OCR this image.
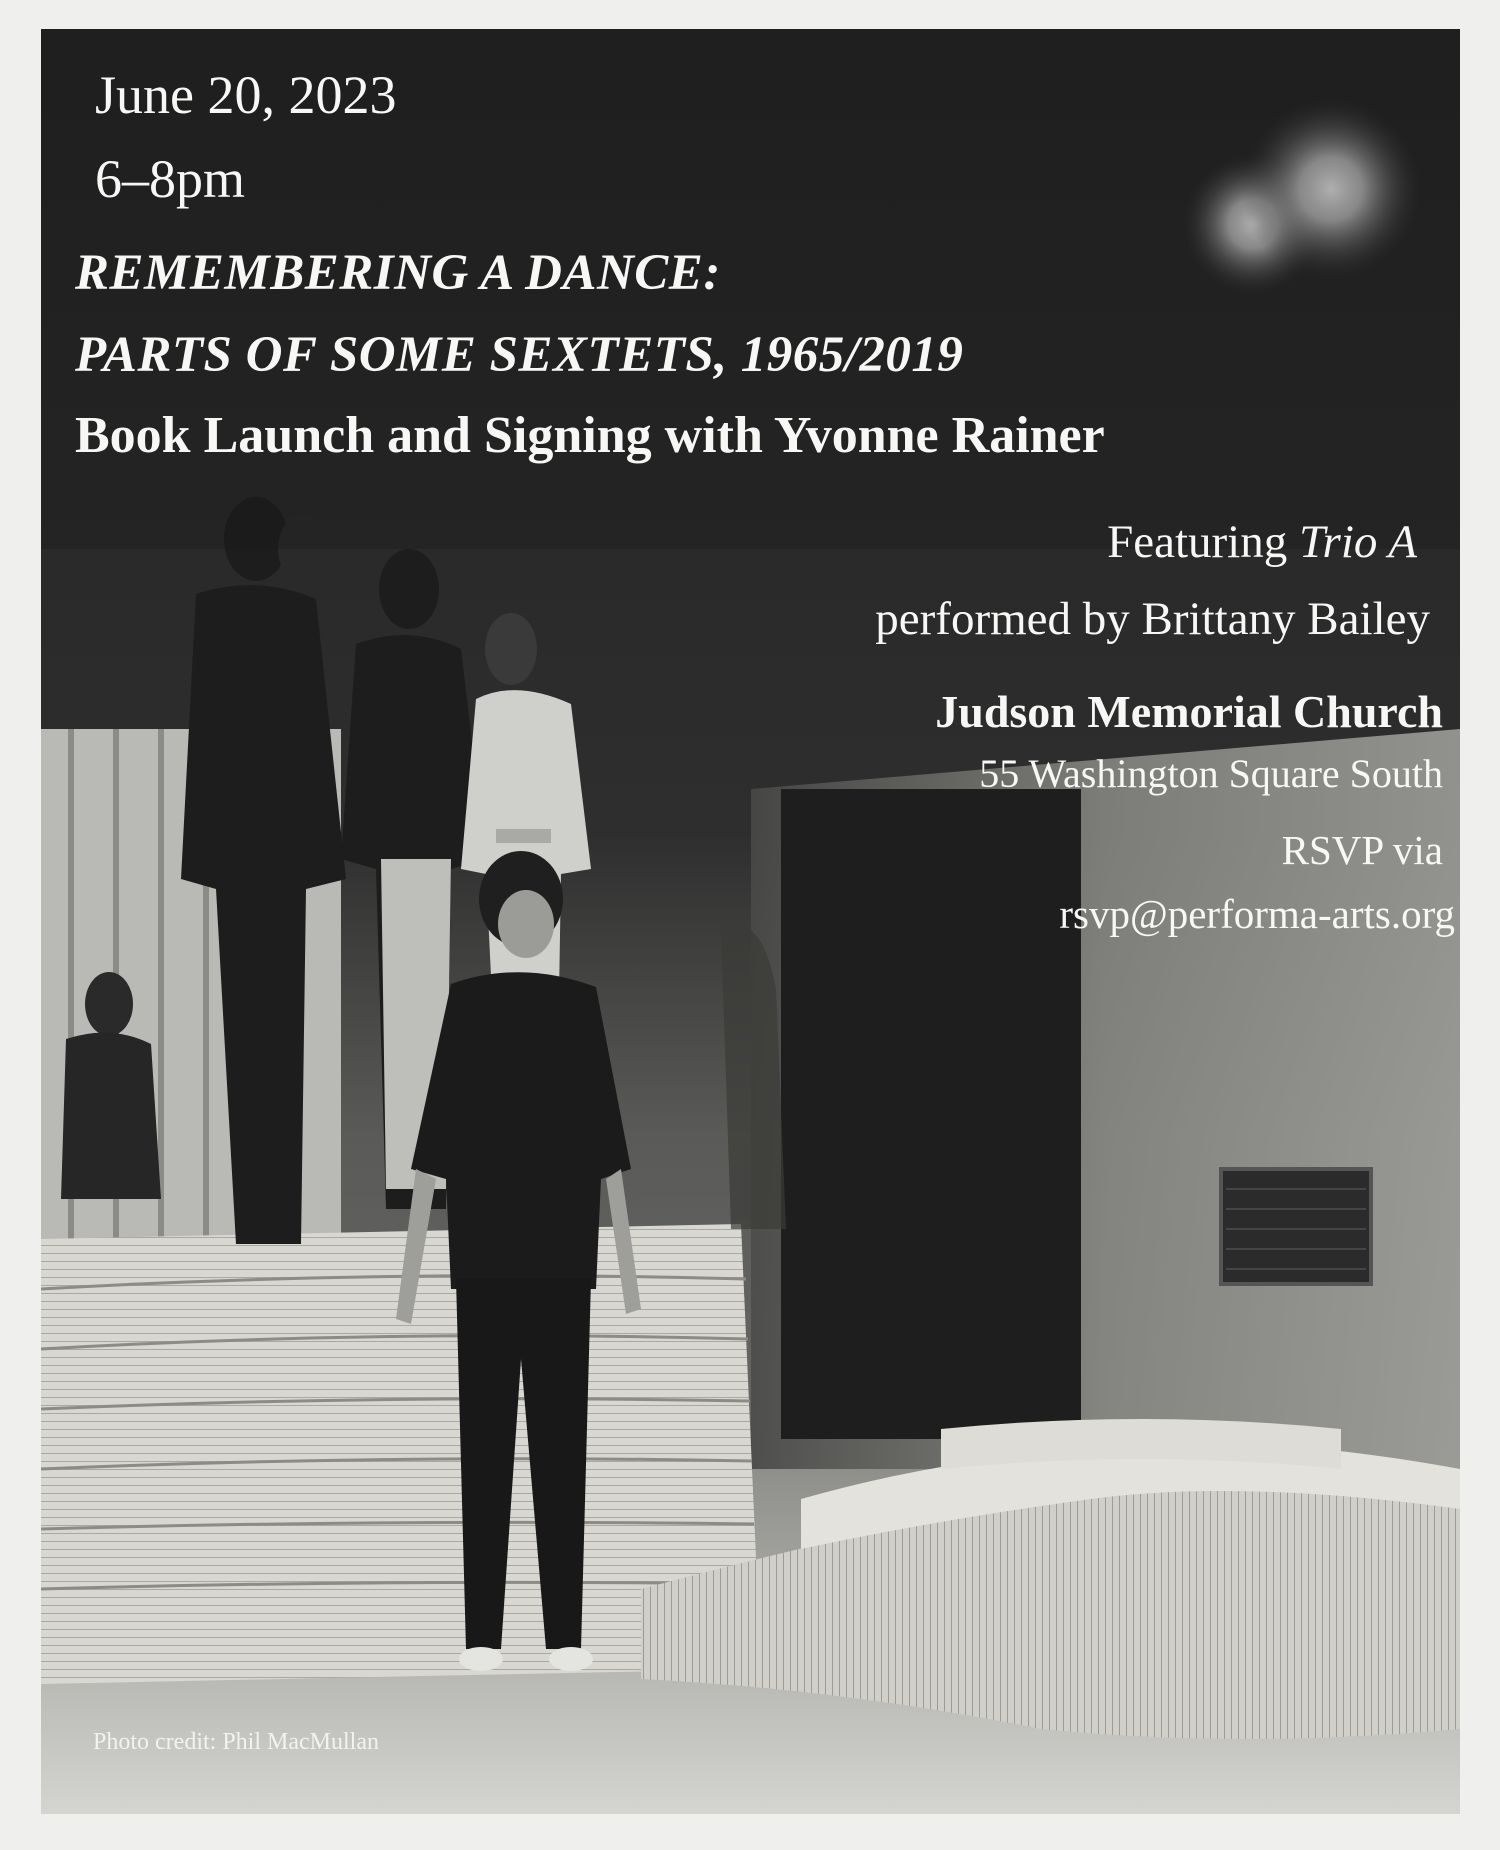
June 20, 2023

6–8pm

REMEMBERING A DANCE:

PARTS OF SOME SEXTETS, 1965/2019

Book Launch and Signing with Yvonne Rainer

Featuring Trio A

performed by Brittany Bailey

Judson Memorial Church

55 Washington Square South

RSVP via

rsvp@performa-arts.org

Photo credit: Phil MacMullan
